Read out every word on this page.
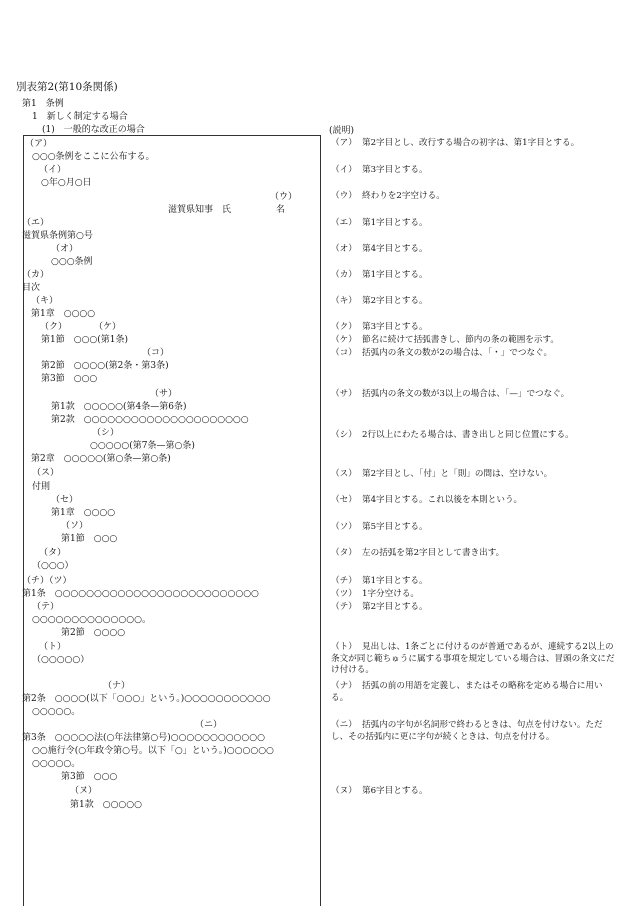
別表第2(第10条関係)
第1　条例
1　新しく制定する場合
(1)　一般的な改正の場合	(説明)
（ア）
○○○条例をここに公布する。
（イ）
○年○月○日
（ウ）
滋賀県知事　氏　　　　　名
（エ）
滋賀県条例第○号
（オ）
○○○条例
（カ）
目次
（キ）
第1章　○○○○
（ク）　　　　（ケ）
第1節　○○○(第1条)
（コ）
第2節　○○○○(第2条・第3条)
第3節　○○○
（サ）
第1款　○○○○○(第4条—第6条)
第2款　○○○○○○○○○○○○○○○○○○○○○
（シ）
○○○○○(第7条—第○条)
第2章　○○○○○(第○条—第○条)
（ス）
付則
（セ）
第1章　○○○○
（ソ）
第1節　○○○
（タ）
（○○○）
（チ）（ツ）
第1条　○○○○○○○○○○○○○○○○○○○○○○○○○○
（テ）
○○○○○○○○○○○○○○。
第2節　○○○○
（ト）
（○○○○○）
（ナ）
第2条　○○○○(以下「○○○」という。)○○○○○○○○○○○
○○○○○。
（ニ）
第3条　○○○○○法(○年法律第○号)○○○○○○○○○○○○
○○施行令(○年政令第○号。以下「○」という。)○○○○○○
○○○○○。
第3節　○○○
（ヌ）
第1款　○○○○○
（ア） 第2字目とし、改行する場合の初字は、第1字目とする。
（イ） 第3字目とする。
（ウ） 終わりを2字空ける。
（エ） 第1字目とする。
（オ） 第4字目とする。
（カ） 第1字目とする。
（キ） 第2字目とする。
（ク） 第3字目とする。
（ケ） 節名に続けて括弧書きし、節内の条の範囲を示す。
（コ） 括弧内の条文の数が2の場合は、「・」でつなぐ。
（サ） 括弧内の条文の数が3以上の場合は、「—」でつなぐ。
（シ） 2行以上にわたる場合は、書き出しと同じ位置にする。
（ス） 第2字目とし、「付」と「則」の間は、空けない。
（セ） 第4字目とする。これ以後を本則という。
（ソ） 第5字目とする。
（タ） 左の括弧を第2字目として書き出す。
（チ） 第1字目とする。
（ツ） 1字分空ける。
（テ） 第2字目とする。
（ト） 見出しは、1条ごとに付けるのが普通であるが、連続する2以上の条文が同じ範ちゅうに属する事項を規定している場合は、冒頭の条文にだけ付ける。
（ナ） 括弧の前の用語を定義し、またはその略称を定める場合に用いる。
（ニ） 括弧内の字句が名詞形で終わるときは、句点を付けない。ただし、その括弧内に更に字句が続くときは、句点を付ける。
（ヌ） 第6字目とする。
